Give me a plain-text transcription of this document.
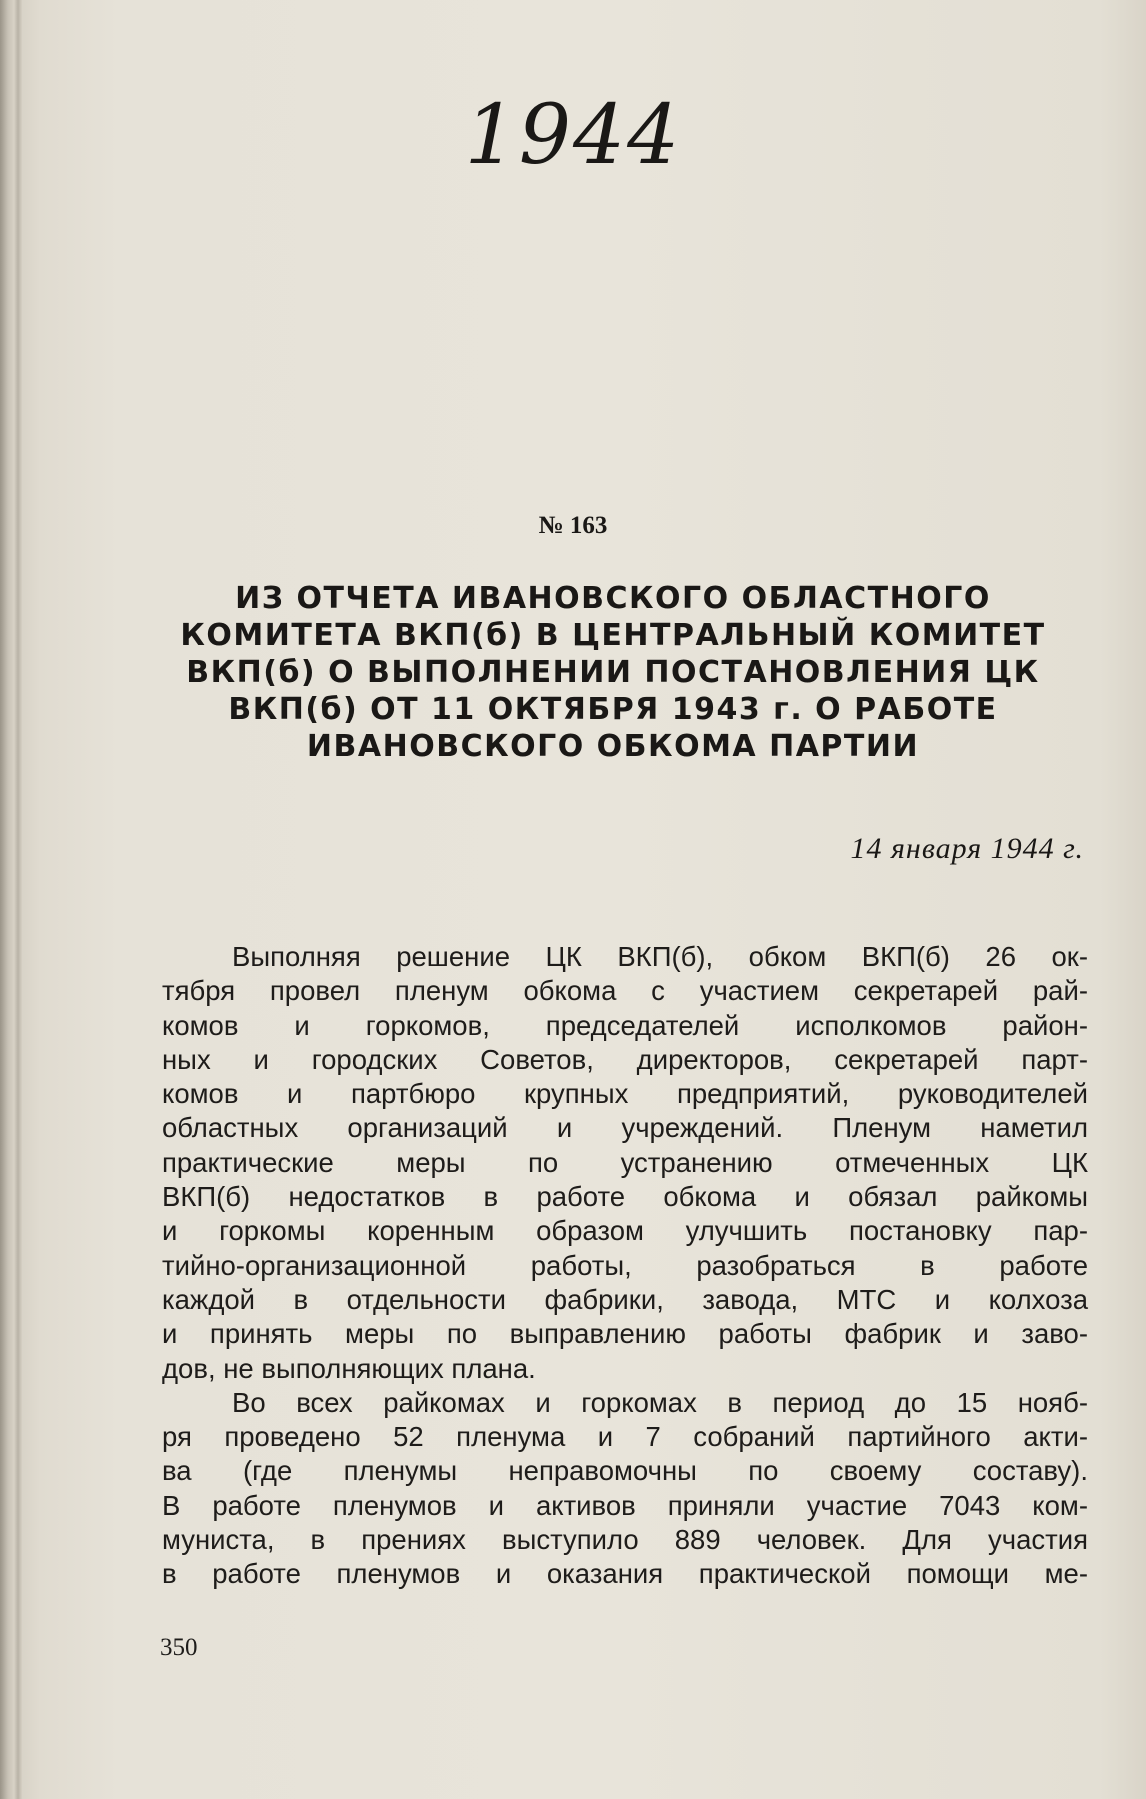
1944
№ 163
ИЗ ОТЧЕТА ИВАНОВСКОГО ОБЛАСТНОГО
КОМИТЕТА ВКП(б) В ЦЕНТРАЛЬНЫЙ КОМИТЕТ
ВКП(б) О ВЫПОЛНЕНИИ ПОСТАНОВЛЕНИЯ ЦК
ВКП(б) ОТ 11 ОКТЯБРЯ 1943 г. О РАБОТЕ
ИВАНОВСКОГО ОБКОМА ПАРТИИ
14 января 1944 г.
Выполняя решение ЦК ВКП(б), обком ВКП(б) 26 ок-
тября провел пленум обкома с участием секретарей рай-
комов и горкомов, председателей исполкомов район-
ных и городских Советов, директоров, секретарей парт-
комов и партбюро крупных предприятий, руководителей
областных организаций и учреждений. Пленум наметил
практические меры по устранению отмеченных ЦК
ВКП(б) недостатков в работе обкома и обязал райкомы
и горкомы коренным образом улучшить постановку пар-
тийно-организационной работы, разобраться в работе
каждой в отдельности фабрики, завода, МТС и колхоза
и принять меры по выправлению работы фабрик и заво-
дов, не выполняющих плана.
Во всех райкомах и горкомах в период до 15 нояб-
ря проведено 52 пленума и 7 собраний партийного акти-
ва (где пленумы неправомочны по своему составу).
В работе пленумов и активов приняли участие 7043 ком-
муниста, в прениях выступило 889 человек. Для участия
в работе пленумов и оказания практической помощи ме-
350
